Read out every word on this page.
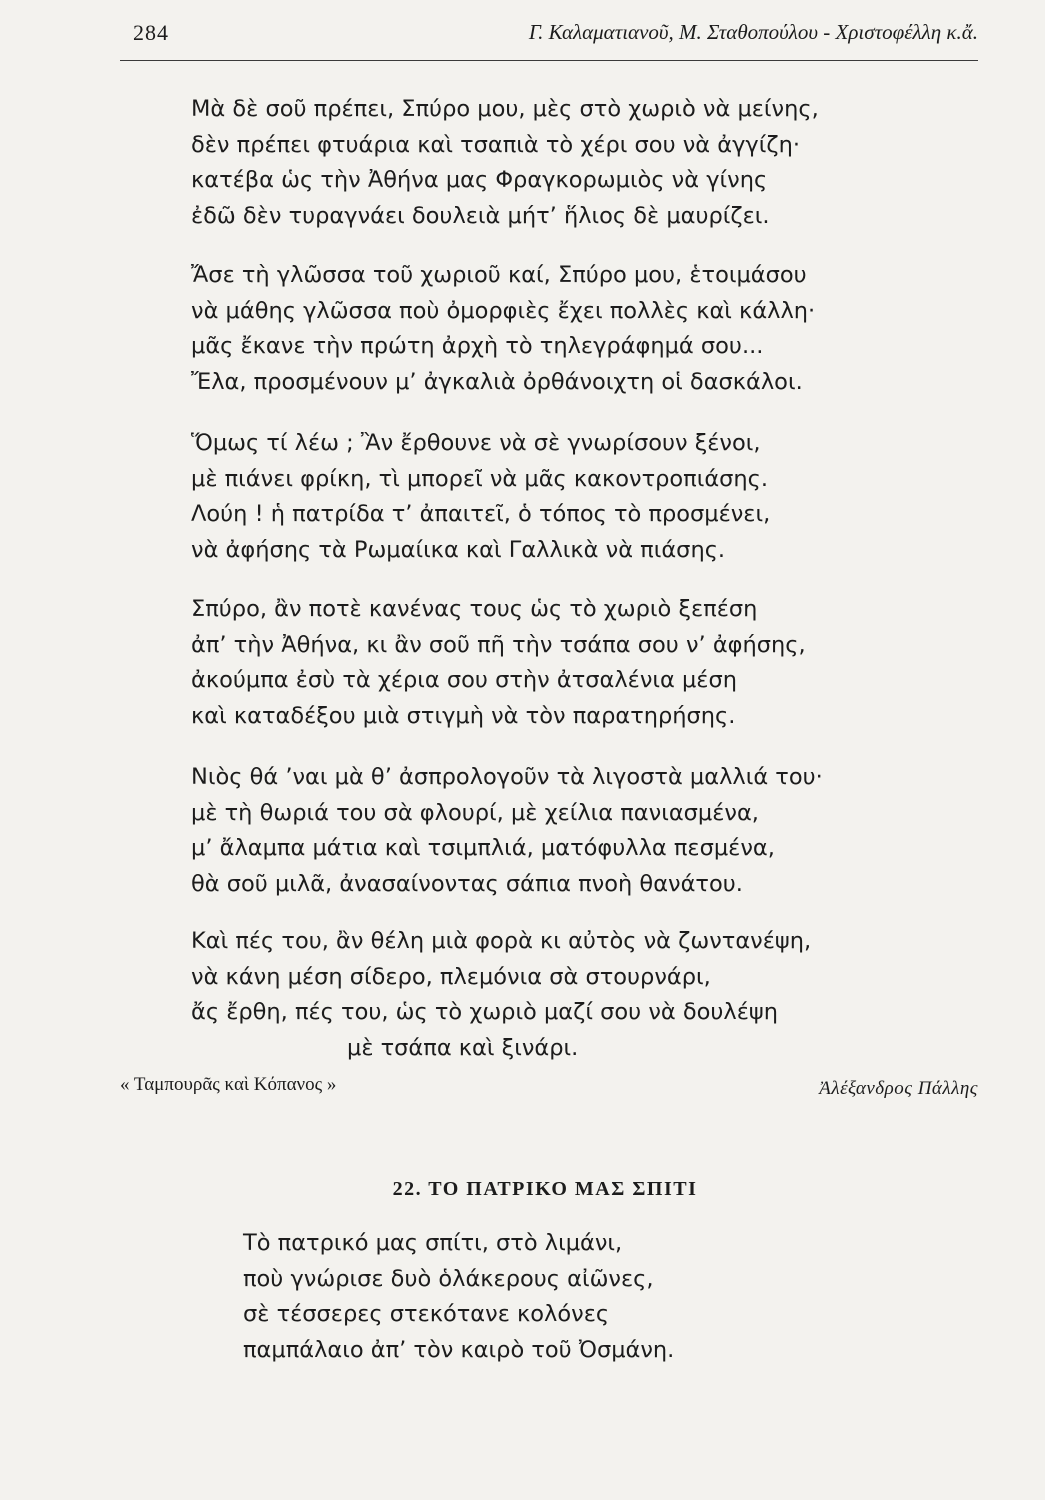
284	Γ. Καλαματιανοῦ, Μ. Σταθοπούλου - Χριστοφέλλη κ.ἄ.
Μὰ δὲ σοῦ πρέπει, Σπύρο μου, μὲς στὸ χωριὸ νὰ μείνης,
δὲν πρέπει φτυάρια καὶ τσαπιὰ τὸ χέρι σου νὰ ἀγγίζη·
κατέβα ὡς τὴν Ἀθήνα μας Φραγκορωμιὸς νὰ γίνης
ἐδῶ δὲν τυραγνάει δουλειὰ μήτ’ ἥλιος δὲ μαυρίζει.
Ἄσε τὴ γλῶσσα τοῦ χωριοῦ καί, Σπύρο μου, ἑτοιμάσου
νὰ μάθης γλῶσσα ποὺ ὀμορφιὲς ἔχει πολλὲς καὶ κάλλη·
μᾶς ἔκανε τὴν πρώτη ἀρχὴ τὸ τηλεγράφημά σου...
Ἔλα, προσμένουν μ’ ἀγκαλιὰ ὀρθάνοιχτη οἱ δασκάλοι.
Ὅμως τί λέω ; Ἂν ἔρθουνε νὰ σὲ γνωρίσουν ξένοι,
μὲ πιάνει φρίκη, τὶ μπορεῖ νὰ μᾶς κακοντροπιάσης.
Λούη ! ἡ πατρίδα τ’ ἀπαιτεῖ, ὁ τόπος τὸ προσμένει,
νὰ ἀφήσης τὰ Ρωμαίικα καὶ Γαλλικὰ νὰ πιάσης.
Σπύρο, ἂν ποτὲ κανένας τους ὡς τὸ χωριὸ ξεπέση
ἀπ’ τὴν Ἀθήνα, κι ἂν σοῦ πῆ τὴν τσάπα σου ν’ ἀφήσης,
ἀκούμπα ἐσὺ τὰ χέρια σου στὴν ἀτσαλένια μέση
καὶ καταδέξου μιὰ στιγμὴ νὰ τὸν παρατηρήσης.
Νιὸς θά ’ναι μὰ θ’ ἀσπρολογοῦν τὰ λιγοστὰ μαλλιά του·
μὲ τὴ θωριά του σὰ φλουρί, μὲ χείλια πανιασμένα,
μ’ ἄλαμπα μάτια καὶ τσιμπλιά, ματόφυλλα πεσμένα,
θὰ σοῦ μιλᾶ, ἀνασαίνοντας σάπια πνοὴ θανάτου.
Καὶ πές του, ἂν θέλη μιὰ φορὰ κι αὐτὸς νὰ ζωντανέψη,
νὰ κάνη μέση σίδερο, πλεμόνια σὰ στουρνάρι,
ἄς ἔρθη, πές του, ὡς τὸ χωριὸ μαζί σου νὰ δουλέψη
μὲ τσάπα καὶ ξινάρι.
« Ταμπουρᾶς καὶ Κόπανος »	Ἀλέξανδρος Πάλλης
22. ΤΟ ΠΑΤΡΙΚΟ ΜΑΣ ΣΠΙΤΙ
Τὸ πατρικό μας σπίτι, στὸ λιμάνι,
ποὺ γνώρισε δυὸ ὁλάκερους αἰῶνες,
σὲ τέσσερες στεκότανε κολόνες
παμπάλαιο ἀπ’ τὸν καιρὸ τοῦ Ὀσμάνη.
